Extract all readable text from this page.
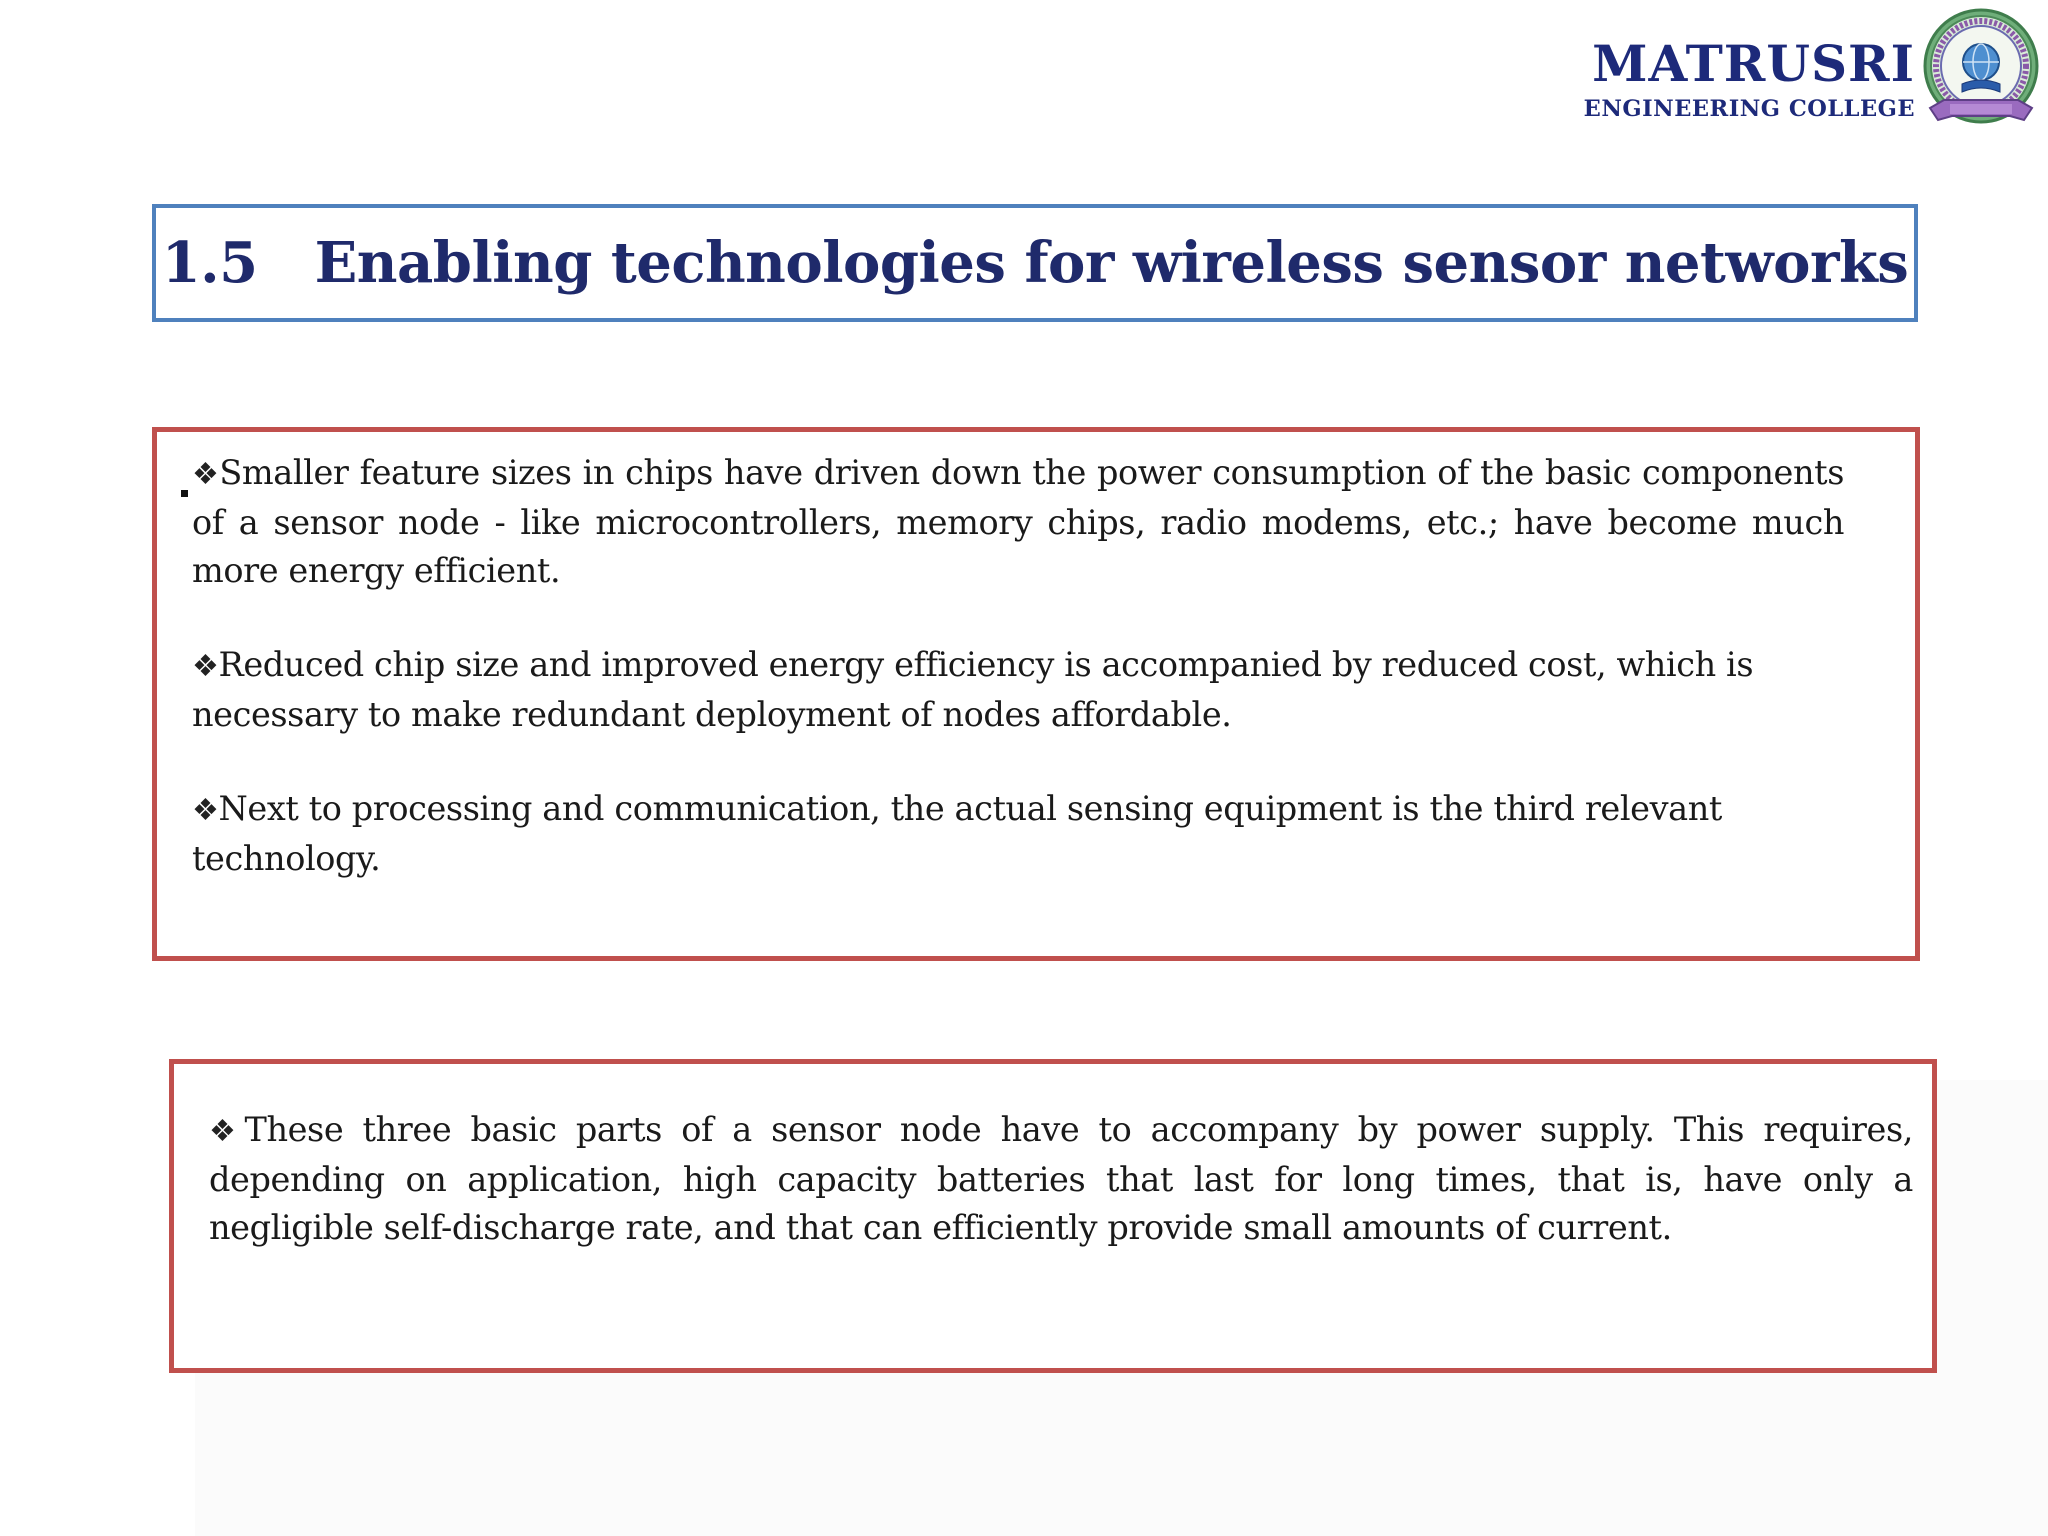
MATRUSRI
ENGINEERING COLLEGE
1.5   Enabling technologies for wireless sensor networks
❖Smaller feature sizes in chips have driven down the power consumption of the basic components of a sensor node - like microcontrollers, memory chips, radio modems, etc.; have become much more energy efficient.
❖Reduced chip size and improved energy efficiency is accompanied by reduced cost, which is necessary to make redundant deployment of nodes affordable.
❖Next to processing and communication, the actual sensing equipment is the third relevant technology.
❖These three basic parts of a sensor node have to accompany by power supply. This requires, depending on application, high capacity batteries that last for long times, that is, have only a negligible self-discharge rate, and that can efficiently provide small amounts of current.
